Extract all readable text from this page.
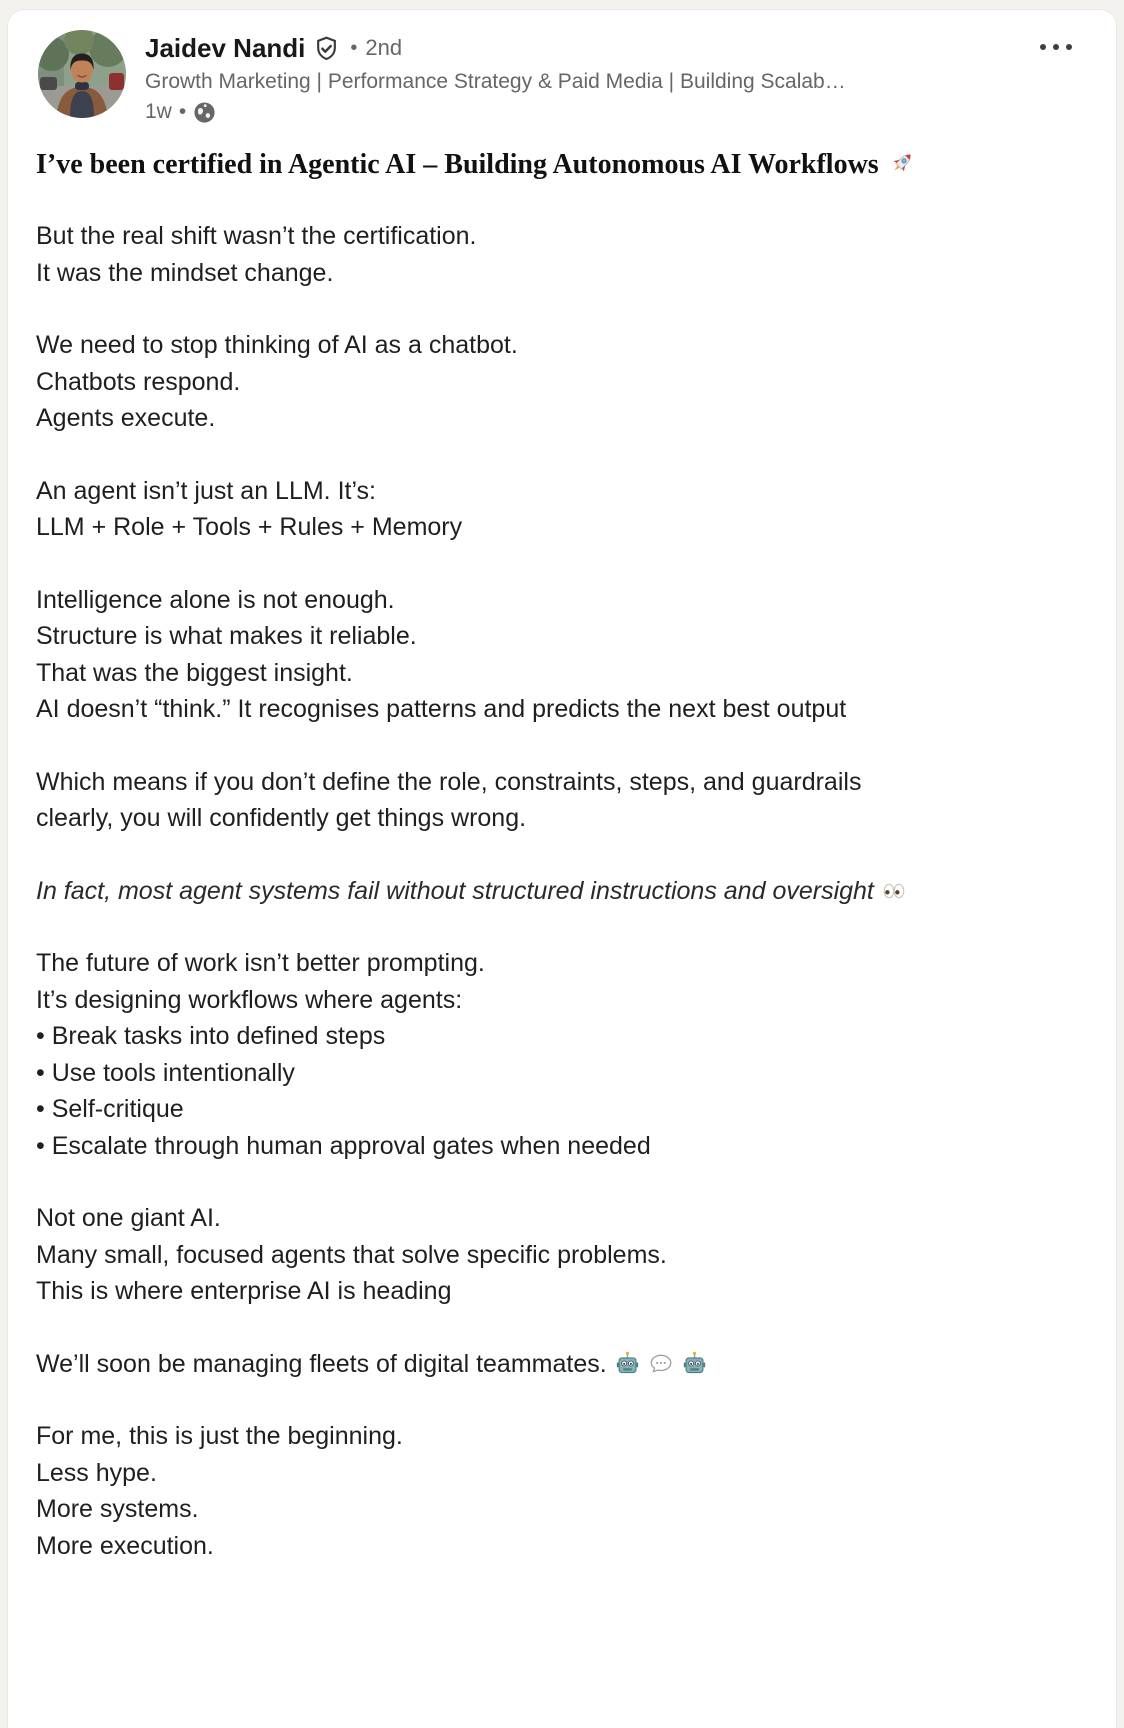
Jaidev Nandi • 2nd
Growth Marketing | Performance Strategy & Paid Media | Building Scalab…
1w •
I’ve been certified in Agentic AI – Building Autonomous AI Workflows
But the real shift wasn’t the certification.
It was the mindset change.
We need to stop thinking of AI as a chatbot.
Chatbots respond.
Agents execute.
An agent isn’t just an LLM. It’s:
LLM + Role + Tools + Rules + Memory
Intelligence alone is not enough.
Structure is what makes it reliable.
That was the biggest insight.
AI doesn’t “think.” It recognises patterns and predicts the next best output
Which means if you don’t define the role, constraints, steps, and guardrails
clearly, you will confidently get things wrong.
In fact, most agent systems fail without structured instructions and oversight
The future of work isn’t better prompting.
It’s designing workflows where agents:
• Break tasks into defined steps
• Use tools intentionally
• Self-critique
• Escalate through human approval gates when needed
Not one giant AI.
Many small, focused agents that solve specific problems.
This is where enterprise AI is heading
We’ll soon be managing fleets of digital teammates.
For me, this is just the beginning.
Less hype.
More systems.
More execution.
